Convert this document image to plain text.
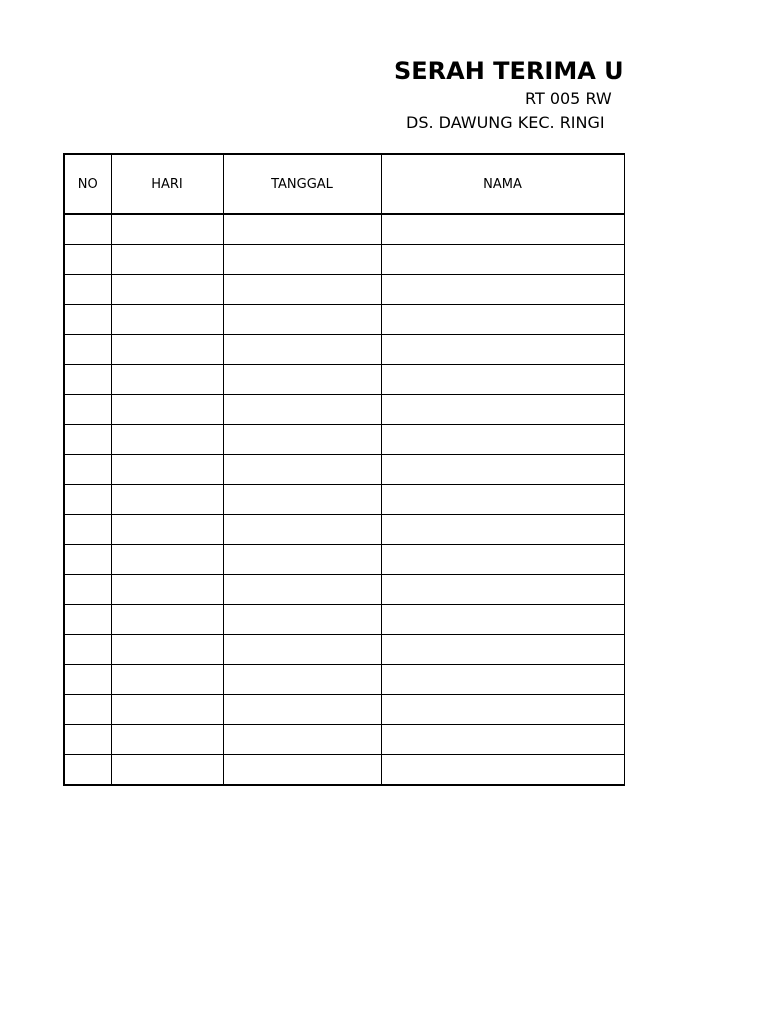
SERAH TERIMA U
RT 005 RW
DS. DAWUNG KEC. RINGI
NO	HARI	TANGGAL	NAMA
